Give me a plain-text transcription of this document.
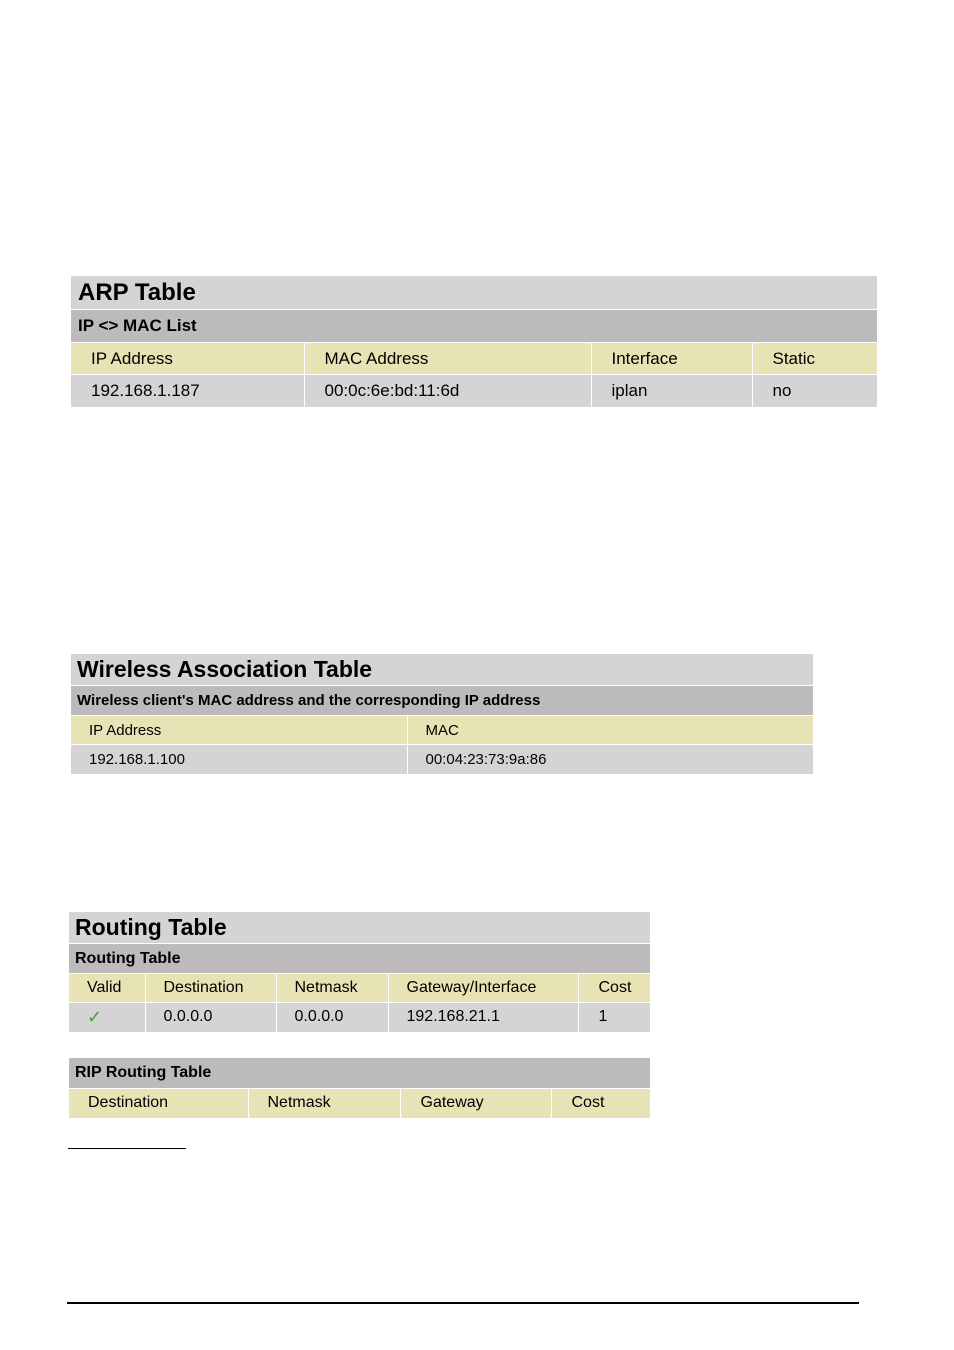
ARP Table			
IP <> MAC List			
IP Address	MAC Address	Interface	Static
192.168.1.187	00:0c:6e:bd:11:6d	iplan	no
Wireless Association Table	
Wireless client's MAC address and the corresponding IP address	
IP Address	MAC
192.168.1.100	00:04:23:73:9a:86
Routing Table				
Routing Table				
Valid	Destination	Netmask	Gateway/Interface	Cost
✓	0.0.0.0	0.0.0.0	192.168.21.1	1
RIP Routing Table
Destination	Netmask	Gateway	Cost
